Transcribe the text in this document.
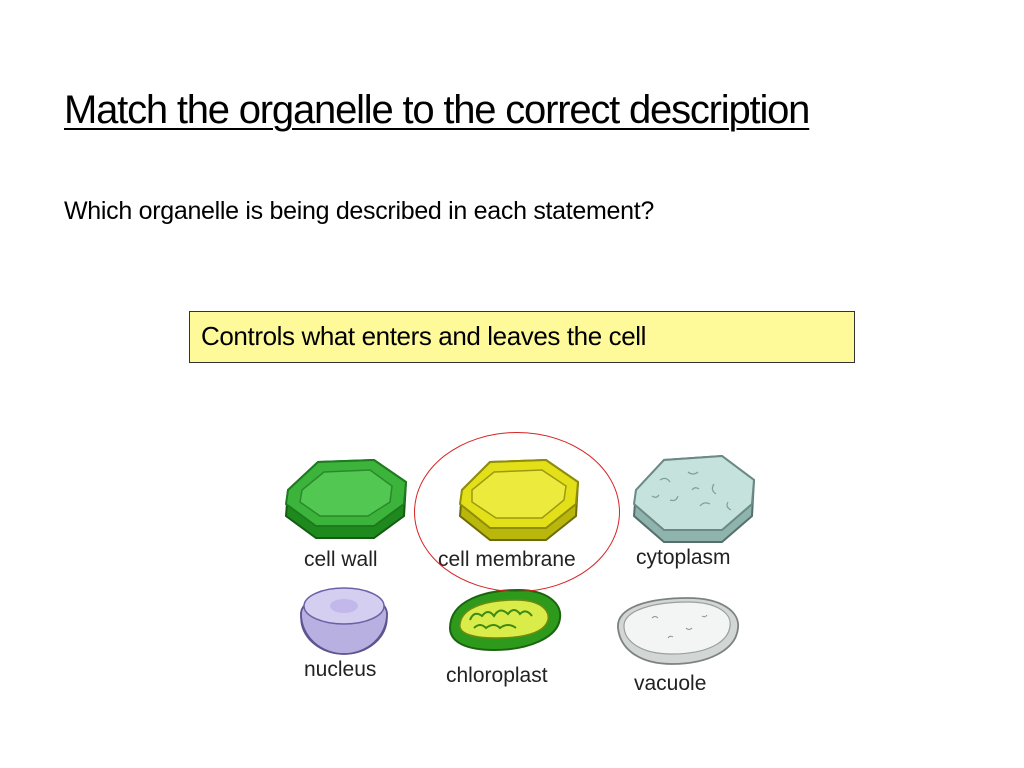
Match the organelle to the correct description
Which organelle is being described in each statement?
Controls what enters and leaves the cell
cell wall	cell membrane	cytoplasm
nucleus	chloroplast	vacuole
